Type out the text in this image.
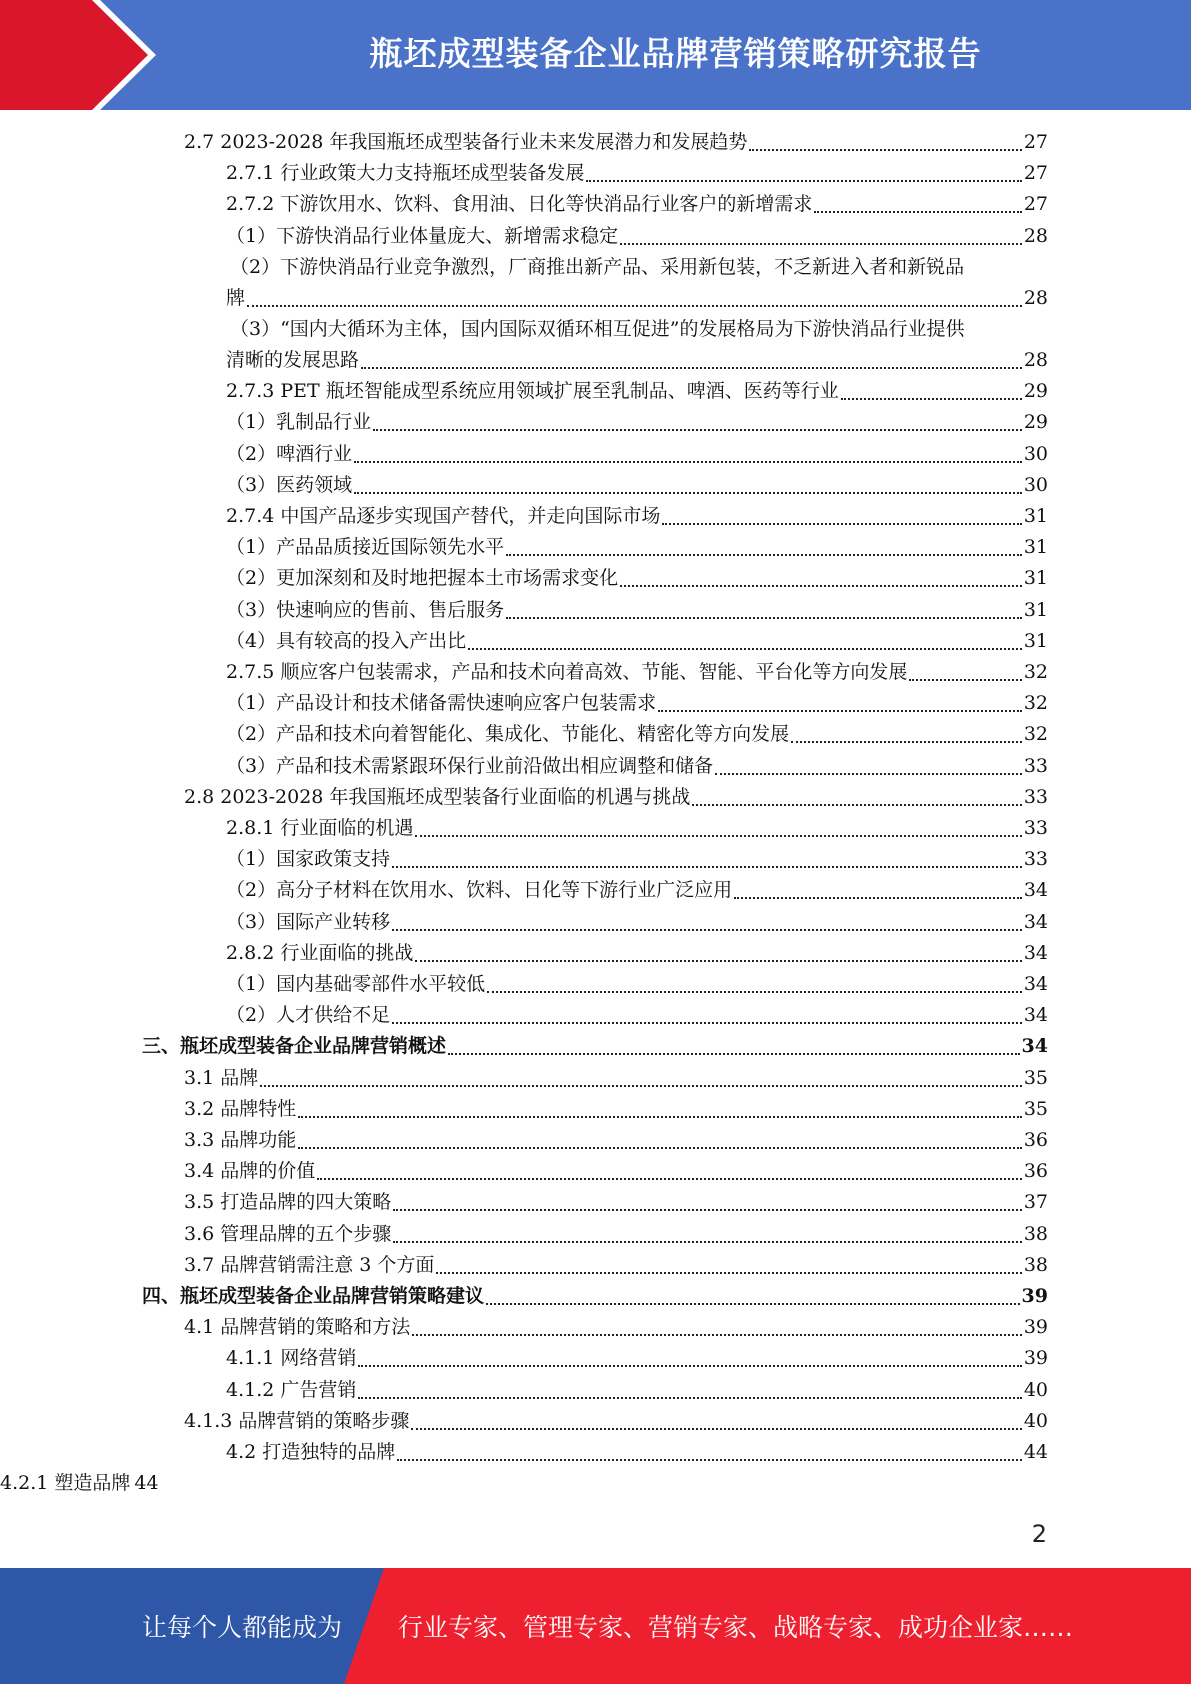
瓶坯成型装备企业品牌营销策略研究报告
2.7 2023-2028 年我国瓶坯成型装备行业未来发展潜力和发展趋势	27
2.7.1 行业政策大力支持瓶坯成型装备发展	27
2.7.2 下游饮用水、饮料、食用油、日化等快消品行业客户的新增需求	27
（1）下游快消品行业体量庞大、新增需求稳定	28
（2）下游快消品行业竞争激烈，厂商推出新产品、采用新包装，不乏新进入者和新锐品
牌	28
（3）“国内大循环为主体，国内国际双循环相互促进”的发展格局为下游快消品行业提供
清晰的发展思路	28
2.7.3 PET 瓶坯智能成型系统应用领域扩展至乳制品、啤酒、医药等行业	29
（1）乳制品行业	29
（2）啤酒行业	30
（3）医药领域	30
2.7.4 中国产品逐步实现国产替代，并走向国际市场	31
（1）产品品质接近国际领先水平	31
（2）更加深刻和及时地把握本土市场需求变化	31
（3）快速响应的售前、售后服务	31
（4）具有较高的投入产出比	31
2.7.5 顺应客户包装需求，产品和技术向着高效、节能、智能、平台化等方向发展	32
（1）产品设计和技术储备需快速响应客户包装需求	32
（2）产品和技术向着智能化、集成化、节能化、精密化等方向发展	32
（3）产品和技术需紧跟环保行业前沿做出相应调整和储备	33
2.8 2023-2028 年我国瓶坯成型装备行业面临的机遇与挑战	33
2.8.1 行业面临的机遇	33
（1）国家政策支持	33
（2）高分子材料在饮用水、饮料、日化等下游行业广泛应用	34
（3）国际产业转移	34
2.8.2 行业面临的挑战	34
（1）国内基础零部件水平较低	34
（2）人才供给不足	34
三、瓶坯成型装备企业品牌营销概述	34
3.1 品牌	35
3.2 品牌特性	35
3.3 品牌功能	36
3.4 品牌的价值	36
3.5 打造品牌的四大策略	37
3.6 管理品牌的五个步骤	38
3.7 品牌营销需注意 3 个方面	38
四、瓶坯成型装备企业品牌营销策略建议	39
4.1 品牌营销的策略和方法	39
4.1.1 网络营销	39
4.1.2 广告营销	40
4.1.3 品牌营销的策略步骤	40
4.2 打造独特的品牌	44
4.2.1 塑造品牌 44
2
让每个人都能成为 行业专家、管理专家、营销专家、战略专家、成功企业家……
